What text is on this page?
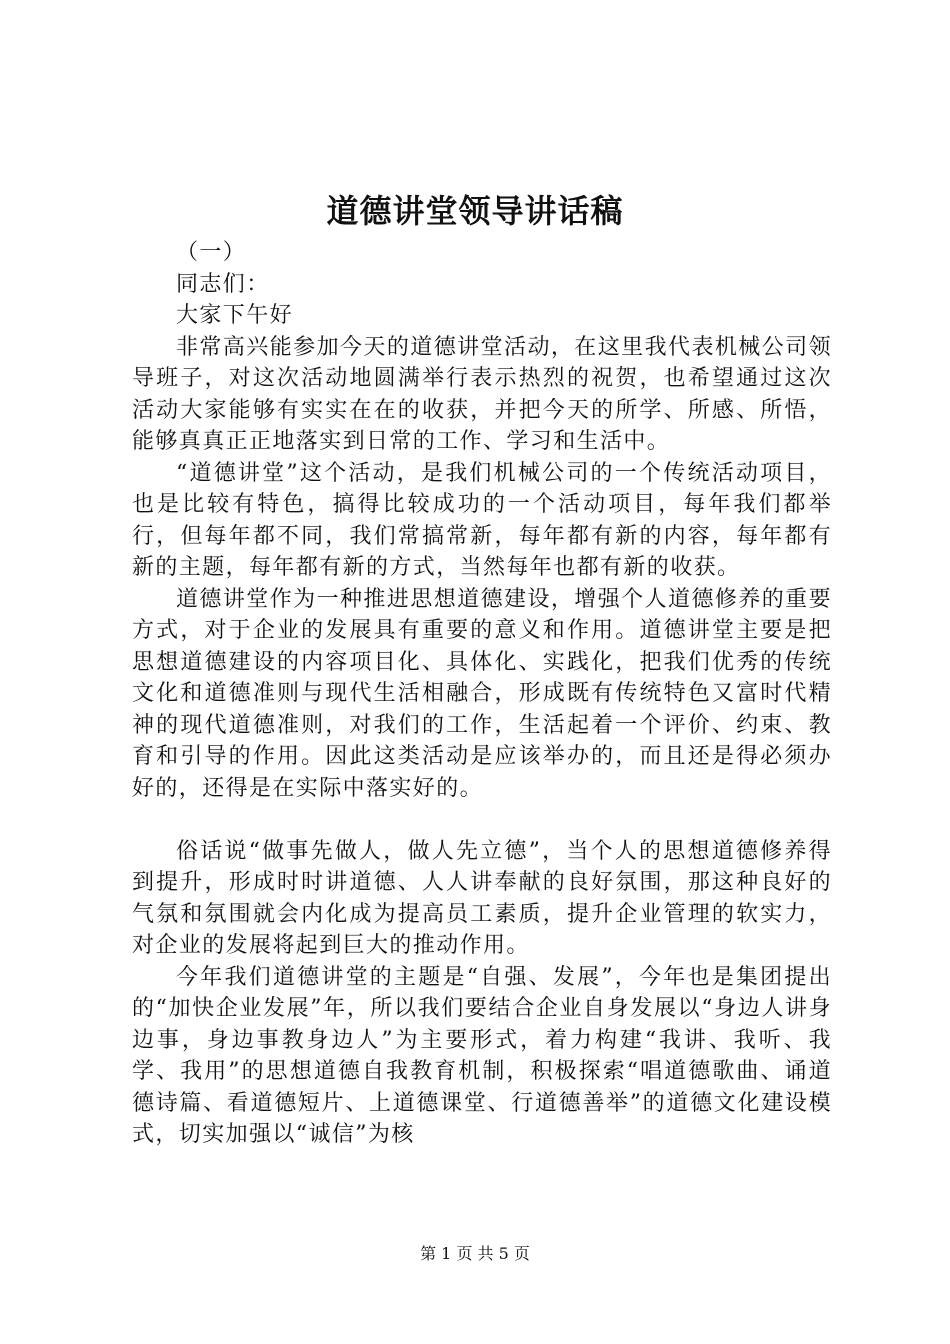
道德讲堂领导讲话稿

（一）

同志们：

大家下午好

非常高兴能参加今天的道德讲堂活动，在这里我代表机械公司领导班子，对这次活动地圆满举行表示热烈的祝贺，也希望通过这次活动大家能够有实实在在的收获，并把今天的所学、所感、所悟，能够真真正正地落实到日常的工作、学习和生活中。

“道德讲堂”这个活动，是我们机械公司的一个传统活动项目，也是比较有特色，搞得比较成功的一个活动项目，每年我们都举行，但每年都不同，我们常搞常新，每年都有新的内容，每年都有新的主题，每年都有新的方式，当然每年也都有新的收获。

道德讲堂作为一种推进思想道德建设，增强个人道德修养的重要方式，对于企业的发展具有重要的意义和作用。道德讲堂主要是把思想道德建设的内容项目化、具体化、实践化，把我们优秀的传统文化和道德准则与现代生活相融合，形成既有传统特色又富时代精神的现代道德准则，对我们的工作，生活起着一个评价、约束、教育和引导的作用。因此这类活动是应该举办的，而且还是得必须办好的，还得是在实际中落实好的。

俗话说“做事先做人，做人先立德”，当个人的思想道德修养得到提升，形成时时讲道德、人人讲奉献的良好氛围，那这种良好的气氛和氛围就会内化成为提高员工素质，提升企业管理的软实力，对企业的发展将起到巨大的推动作用。

今年我们道德讲堂的主题是“自强、发展”，今年也是集团提出的“加快企业发展”年，所以我们要结合企业自身发展以“身边人讲身边事，身边事教身边人”为主要形式，着力构建“我讲、我听、我学、我用”的思想道德自我教育机制，积极探索“唱道德歌曲、诵道德诗篇、看道德短片、上道德课堂、行道德善举”的道德文化建设模式，切实加强以“诚信”为核

第 1 页 共 5 页
